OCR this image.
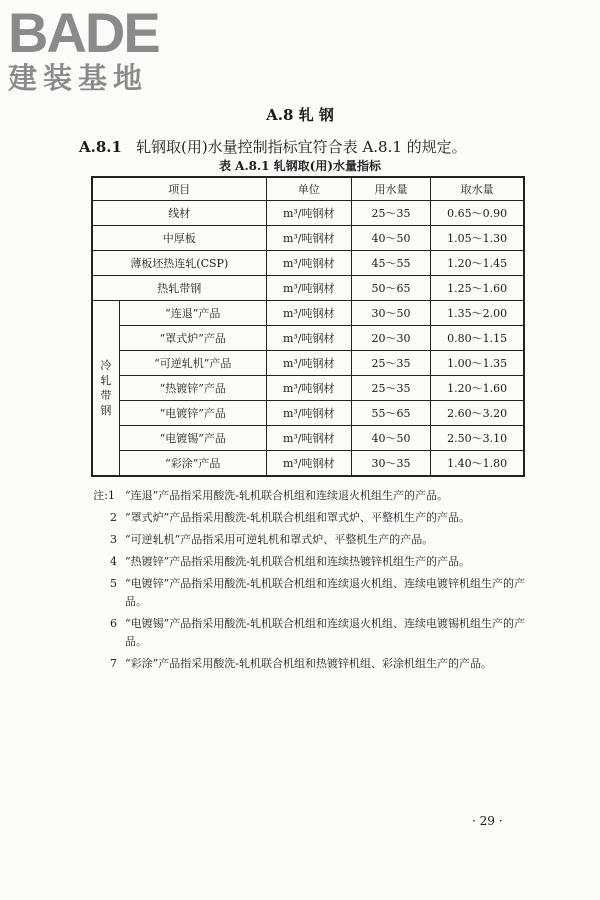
BADE
建装基地
A.8 轧 钢
A.8.1 轧钢取(用)水量控制指标宜符合表 A.8.1 的规定。
表 A.8.1 轧钢取(用)水量指标
项目		单位	用水量	取水量
线材		m³/吨钢材	25～35	0.65～0.90
中厚板		m³/吨钢材	40～50	1.05～1.30
薄板坯热连轧(CSP)		m³/吨钢材	45～55	1.20～1.45
热轧带钢		m³/吨钢材	50～65	1.25～1.60
冷轧带钢	“连退”产品	m³/吨钢材	30～50	1.35～2.00
	“罩式炉”产品	m³/吨钢材	20～30	0.80～1.15
	“可逆轧机”产品	m³/吨钢材	25～35	1.00～1.35
	“热镀锌”产品	m³/吨钢材	25～35	1.20～1.60
	“电镀锌”产品	m³/吨钢材	55～65	2.60～3.20
	“电镀锡”产品	m³/吨钢材	40～50	2.50～3.10
	“彩涂”产品	m³/吨钢材	30～35	1.40～1.80
注:1 “连退”产品指采用酸洗-轧机联合机组和连续退火机组生产的产品。
2 “罩式炉”产品指采用酸洗-轧机联合机组和罩式炉、平整机生产的产品。
3 “可逆轧机”产品指采用可逆轧机和罩式炉、平整机生产的产品。
4 “热镀锌”产品指采用酸洗-轧机联合机组和连续热镀锌机组生产的产品。
5 “电镀锌”产品指采用酸洗-轧机联合机组和连续退火机组、连续电镀锌机组生产的产品。
6 “电镀锡”产品指采用酸洗-轧机联合机组和连续退火机组、连续电镀锡机组生产的产品。
7 “彩涂”产品指采用酸洗-轧机联合机组和热镀锌机组、彩涂机组生产的产品。
· 29 ·
